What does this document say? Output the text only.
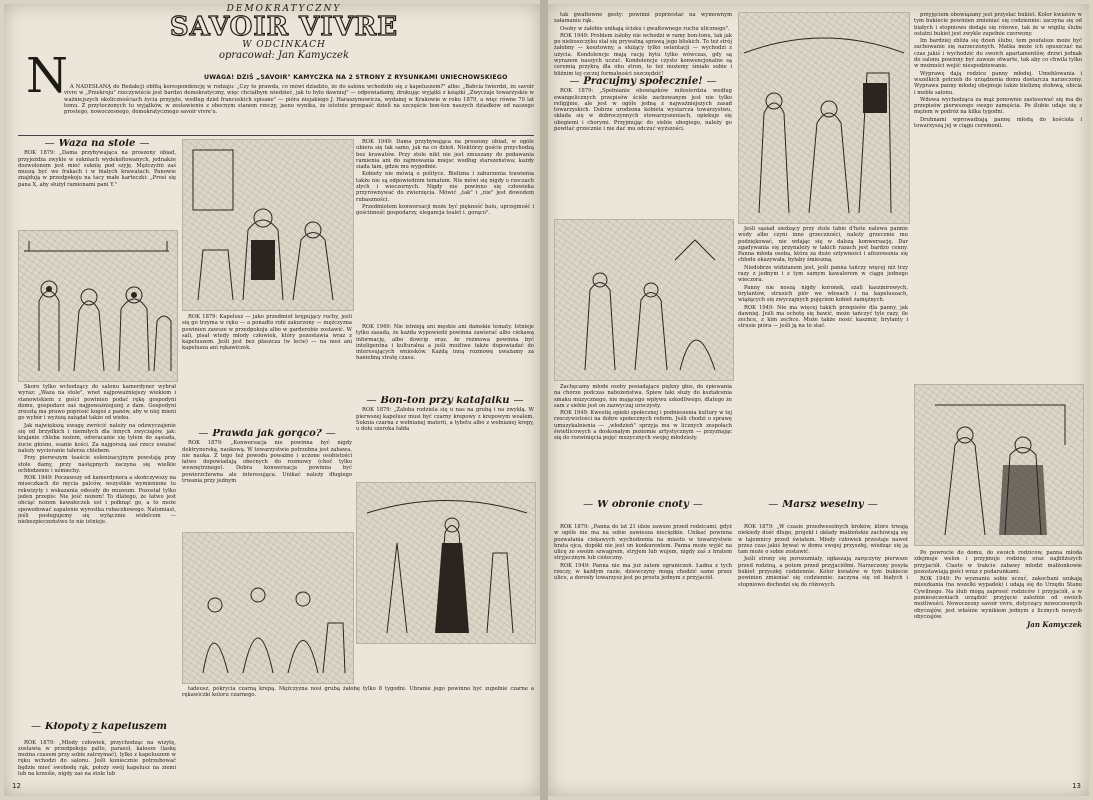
DEMOKRATYCZNY
SAVOIR VIVRE
W ODCINKACH
opracował: Jan Kamyczek
N	UWAGA! DZIŚ „SAVOIR" KAMYCZKA NA 2 STRONY Z RYSUNKAMI UNIECHOWSKIEGO

A NADESŁANĄ do Redakcji obfitą korespondencję w rodzaju: „Czy to prawda, co mówi dziadzio, że do salonu wchodziło się z kapeluszem?" albo: „Babcia twierdzi, że savoir vivre w „Przekroju" rzeczywiście jest bardzo demokratyczny, więc chciałbym wiedzieć, jak to było dawniej" — odpowiadamy, drukując wyjątki z książki „Zwyczaje towarzyskie w ważniejszych okolicznościach życia przyjęte, według dzieł francuskich spisane" — pióra niejakiego J. Haraszymowicza, wydanej w Krakowie w roku 1879, a więc równe 70 lat temu. Z przytoczonych tu wyjątków, w zestawieniu z obecnym stanem rzeczy, jasno wynika, że istotnie przepaść dzieli na szczęście bon-ton naszych dziadków od naszego prostego, nowoczesnego, demokratycznego savoir vivre'u.

— Waza na stole —

ROK 1879: „Dama przybywająca na proszony obiad, przyjeżdża zwykle w sukniach wydekoltowanych, jednakże dozwolonem jest mieć suknię pod szyję. Mężczyźni zaś muszą być we frakach i w białych krawatach. Panowie znajdują w przedpokoju na tacy małe karteczki: „Prosi się pana X, aby służył ramionami pani Y."

Skoro tylko wchodzący do salonu kamerdyner wybrał wyraz: „Waza na stole", wnet najpoważniejszy wiekiem i stanowiskiem z gości powinien podać rękę gospodyni domu, gospodarz zaś najpoważniejszej z dam. Gospodyni zresztą ma prawo poprosić kogoś z panów, aby w niej mieni go wybór i wyższą zażądał także od wieku.

Jak największą uwagę zwrócić należy na odzwyczajenie się od brzydkich i niemiłych dla innych zwyczajów, jak: krajanie chleba nożem, odwracanie się tyłem do sąsiada, żucie głośno, ssanie kości. Za najgorszą zaś rzecz uważać należy wycieranie talerza chlebem.

Przy pierwszym toaście solenizacyjnym powstają przy stole damy, przy następnych zaczyna się wielkie ochłodzenie i uśmiechy.

ROK 1949: Poczawszy od kamerdynera a skończywszy na miseczkach do mycia palców, wszystkie wymienione tu rekwizyty i wskazania odeszły do muzeum. Pozostał tylko jeden przepis: Nie jeść nożem! To dlatego, że łatwo jest obciąć nożem kawałeczek ust i połknąć go, a to może spowodować zapalenie wyrostka robaczkowego. Natomiast, jeśli posługujemy się wyłącznie widelcem — niebezpieczeństwo to nie istnieje.

— Kłopoty z kapeluszem —

ROK 1879: „Młody człowiek, przychodząc na wizytę, zostawia w przedpokoju palto, parasol, kalosze (laskę można czasem przy sobie zatrzymać), tylko z kapeluszem w ręku wchodzi do salonu. Jeśli koniecznie potrzebować będzie mieć swobodę rąk, położy swój kapelusz na ziemi lub na krześle, nigdy zaś na stole lub

ROK 1949: Dama przybywająca na proszony obiad, w ogóle ubiera się tak samo, jak na co dzień. Niektórzy goście przychodzą bez krawatów. Przy stole nikt nie jest zmuszany do podawania ramienia ani do zajmowania miejsc według starszeństwa; każdy siada tam, gdzie mu wygodnie.

Kobiety nie mówią o polityce. Bielizna i zaburzenia trawienia także nie są odpowiednim tematem. Nie mówi się nigdy o rzeczach złych i wieczornych. Nigdy nie powinno się człowieka przyrównywać do zwierzęcia. Mówić „tak" i „nie" jest dowodem rubaszności.

Przedmiotem konwersacji może być piękność balu, uprzejmość i gościnność gospodarzy, elegancja toalet i. gorąco".

ROK 1879: Kapelusz — jako przedmiot krępujący ruchy, jeśli się go trzyma w ręku — a ponadto robi zakurzony — mężczyzna powinien zawsze w przedpokoju albo w garderobie zostawić. W sali, pisał wtedy młody człowiek, który pozostawia wraz z kapeluszem. Jeśli jest bez płaszcza (w lecie) — na nosi ani kapelusza ani rękawiczek.

ROK 1949: Nie istnieją ani męskie ani damskie tematy. Istnieje tylko zasada, że każda wypowiedź powinna zawierać albo ciekawą informację, albo dowcip oraz, że rozmowa powinna być inteligentna i kulturalna a jeśli możliwe także dopowiadać do interesujących wniosków. Każdą inną rozmowę uważamy za haniebną stratę czasu.

— Prawda jak gorąco? —

ROK 1879: „Konwersacja nie powinna być nigdy doktrynerską, naukową. W towarzystwie potrzebna jest zabawa, nie nauka. Z tego też powodu poważne i uczone osobistości łatwo dopowiadają obecnych do rozmowy (choć tylko wewnętrznego). Dobra konwersacja powinna być powierzchowna ale interesująca. Unikać należy długiego trwania przy jednym

— Bon-ton przy katafalku —

ROK 1879: „Żałoba rodziela się u nas na grubą i na zwykłą. W pierwszej kapelusz musi być czarny krepowy z krepowym woalem. Suknia czarna z wełnianej materii, a tybetu albo z wełnianej krepy, u dołu szeroka fałda

tadeusz, pokrycia czarną krepą. Mężczyzna nosi grubą żałobę tylko 8 tygodni. Ubranie jego powinno być zupełnie czarne a rękawiczki koloru czarnego.

12

tak gwałtowne gesty: powinni poprzestać na wymownym załamaniu rąk.

Osoby w żałobie unikają ścisku i gwałtownego ruchu ulicznego".

ROK 1949: Problem żałoby nie wchodzi w ramy bon-tonu, tak jak po nieboszczyku stał się prywatną sprawą jego bliskich. To też strój żałobny — kosztowny, a służący tylko ostentacji — wychodzi z użycia. Kondolencje mają rację bytu tylko wówczas, gdy są wyrazem naszych uczuć. Kondolencje czysto konwencjonalne są ceremią przykrą dla obu stron, to też możemy śmiało sobie i bliźnim tej czczej formalności oszczędzić!

— Pracujmy społecznie! —

ROK 1879: „Spełnianie obowiązków miłosierdzia według ewangelicznych przepisów ściśle zachowanym jest nie tylko religijnie, ale jest w ogóle jedną z najważniejszych zasad towarzyskich. Dobrze urodzona kobieta wystarcza towarzystwu, składa się w dobroczynnych stowarzyszeniach, opiekuje się ubogiemi i chorymi. Przyjmując do siebie ubogiego, należy go powitać grzecznie i nie dać mu odczuć wyższości.

Zachęcamy młode osoby posiadające piękny głos, do śpiewania na chórze podczas nabożeństwa. Śpiew taki służy do kształcenia smaku muzycznego, nie mającego wpływu szkodliwego, dlatego że sam z siebie jest on zazwyczaj uroczysty.

ROK 1949: Kwestię opieki społecznej i podniesienia kultury w tej rzeczywistości na dobre społecznych reform. Jeśli chodzi o sprawę umuzykalnienia — „włodzień" sprzyja mu w licznych zespołach świetlicowych a doskonałym poziomie artystycznym — przyznając się do rozwinięcia pojęć muzycznych swojej młodzieży.

— W obronie cnoty —

ROK 1879: „Panna do lat 21 idzie zawsze przed rodzicami, gdyż w ogóle nie ma na sobie zawiesza nieciężkie. Unikać powinna pozwalania ciekawych wychodzenia na miasto w towarzystwie brata ojca, dopóki nie jest on konkurentem. Panna może wyjść na ulicę ze swoim szwagrem, stryjem lub wujem, nigdy zaś z bratem stryjecznym lub cioteczny.

ROK 1949: Panna nie ma już zatem ograniczeń. Ładna z tych rzeczy, w każdym razie, dziewczyny mogą chodzić same przez ulice, a dorosły towarzysz jest po prostu jednym z przyjaciół.

Jeśli sąsiad siedzący przy stole tabie d'hote nalewa pannie wody albo czyni inne grzeczności, należy grzecznie mu podziękować, nie wdając się w dalszą konwersację. Dar zgadywania się przynależy w takich razach jest bardzo cenny. Panna młoda osoba, która za dużo sztywności i afiszowania się chłodu okazywała, byłaby śmieszną.

Niedobrze widzianem jest, jeśli panna tańczy więcej niż trzy razy z jednym i z tym samym kawalerem w ciągu jednego wieczora.

Panny nie noszą nigdy koronek, szali kaszmirowych, brylantów, strusich piór we włosach i na kapeluszach, wiążących się zwyczajnych pojęciem kobiet zamężnych.

ROK 1949: Nie ma więcej takich przepisów dla panny, jak dawniej. Jeśli ma ochotę się bawić, może tańczyć tyle razy, ile zechce, z kim zechce. Może także nosić kaszmir, brylanty i strusie pióra — jeśli ją na to stać.

— Marsz weselny —

ROK 1879: „W czasie przedweselnych kroków, które trwają niekiedy dość długo, projekt i układy małżeńskie zachowują się w tajemnicy przed światem. Młody człowiek przestaje nawet przez czas jakiś bywać w domu swojej przyszłej, wiedząc się ją tam może o sobie zostawić.

Jeśli strony się porozumiały, ogłaszają zaręczyny pierwsze przed rodziną, a potem przed przyjaciółmi. Narzeczony posyła bukiet przyszłej codziennie. Kolor kwiatów w tym bukiecie powinien zmieniać się codziennie: zaczyna się od białych i stopniowo dochodzi się do różowych.

przyjęciem obowiązany jest przysłać bukiet. Kolor kwiatów w tym bukiecie powinien zmieniać się codziennie: zaczyna się od białych i stopniowo dodaje się różowe, tak że w wigilię ślubu ostatni bukiet jest zwykle zupełnie czerwony.

Im bardziej zbliża się dzień ślubu, tem poufalsze może być zachowanie się narzeczonych. Matka może ich opuszczać na czas jakiś i wychodzić do swoich apartamentów, drzwi jednak do salonu powinny być zawsze otwarte, tak aby co chwila tylko w możności wejść niespodziewanie.

Wyprawę dają rodzice panny młodej. Umeblowania i wszelkich potrzeb do urządzenia domu dostarcza narzeczony. Wyprawa panny młodej obejmuje także bieliznę stołową, obicia i meble salonu.

Wdowa wychodząca za mąż ponownie zastosować się ma do przepisów pierwszego swego zamęścia. Po ślubie udaje się z mężem w podróż na kilka tygodni.

Druhnami wprowadzają pannę młodą do kościoła i towarzyszą jej w ciągu ceremonii.

Po powrocie do domu, do swoich rodziców, panna młoda zdejmuje welon i przyjmuje rodzinę oraz najbliższych przyjaciół. Ciasto w trakcie zabawy młodzi małżonkowie pozostawiają gości wraz z podarunkami.

ROK 1949: Po wyznaniu sobie uczuć, zakochani szukają mieszkania (na wszelki wypadek) i udają się do Urzędu Stanu Cywilnego. Na ślub mogą zaprosić rodziców i przyjaciół, a w pomieszczeniach urządzić przyjęcie zależnie od swoich możliwości. Nowoczesny savoir vivre, dotyczący nowoczesnych obyczajów, jest właśnie wynikiem jednym z licznych nowych obyczajów.

Jan Kamyczek
13
